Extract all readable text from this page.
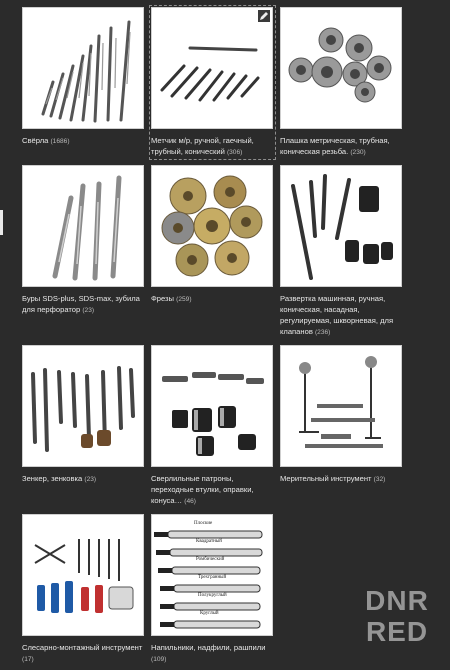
Свёрла (1686)	Метчик м/р, ручной, гаечный, трубный, конический (306)
Плашка метрическая, трубная, коническая резьба. (230)
Буры SDS-plus, SDS-max, зубила для перфоратор (23)
Фрезы (259)	Развертка машинная, ручная, коническая, насадная, регулируемая, шкворневая, для клапанов (236)
Зенкер, зенковка (23)	Сверлильные патроны, переходные втулки, оправки, конуса… (46)
Мерительный инструмент (32)
Слесарно-монтажный инструмент (17)
Плоские
Квадратный
Ромбический
Трехгранный
Полукруглый
Круглый
Напильники, надфили, рашпили (109)
DNR
RED
